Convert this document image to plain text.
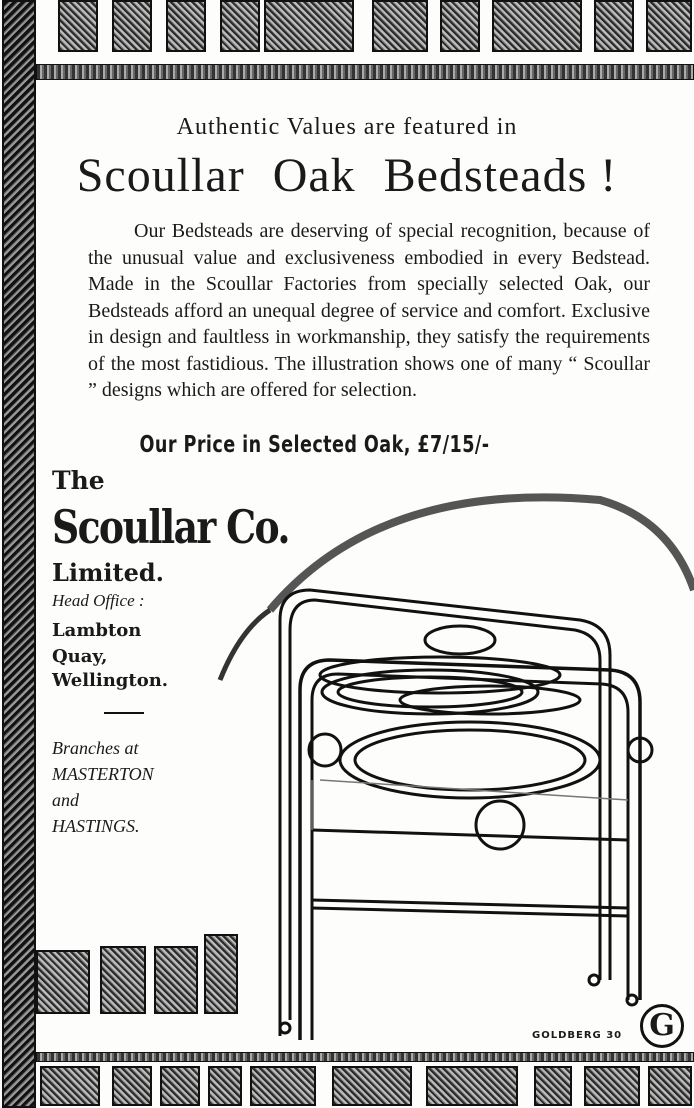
Authentic Values are featured in
Scoullar Oak Bedsteads !

Our Bedsteads are deserving of special recognition, because of the unusual value and exclusiveness embodied in every Bedstead. Made in the Scoullar Factories from specially selected Oak, our Bedsteads afford an unequal degree of service and comfort. Exclusive in design and faultless in workmanship, they satisfy the requirements of the most fastidious. The illustration shows one of many “ Scoullar ” designs which are offered for selection.

Our Price in Selected Oak, £7/15/-
The
Scoullar Co.
Limited.
Head Office :
Lambton
Quay,
Wellington.
Branches at
MASTERTON
and
HASTINGS.
GOLDBERG 30 G
